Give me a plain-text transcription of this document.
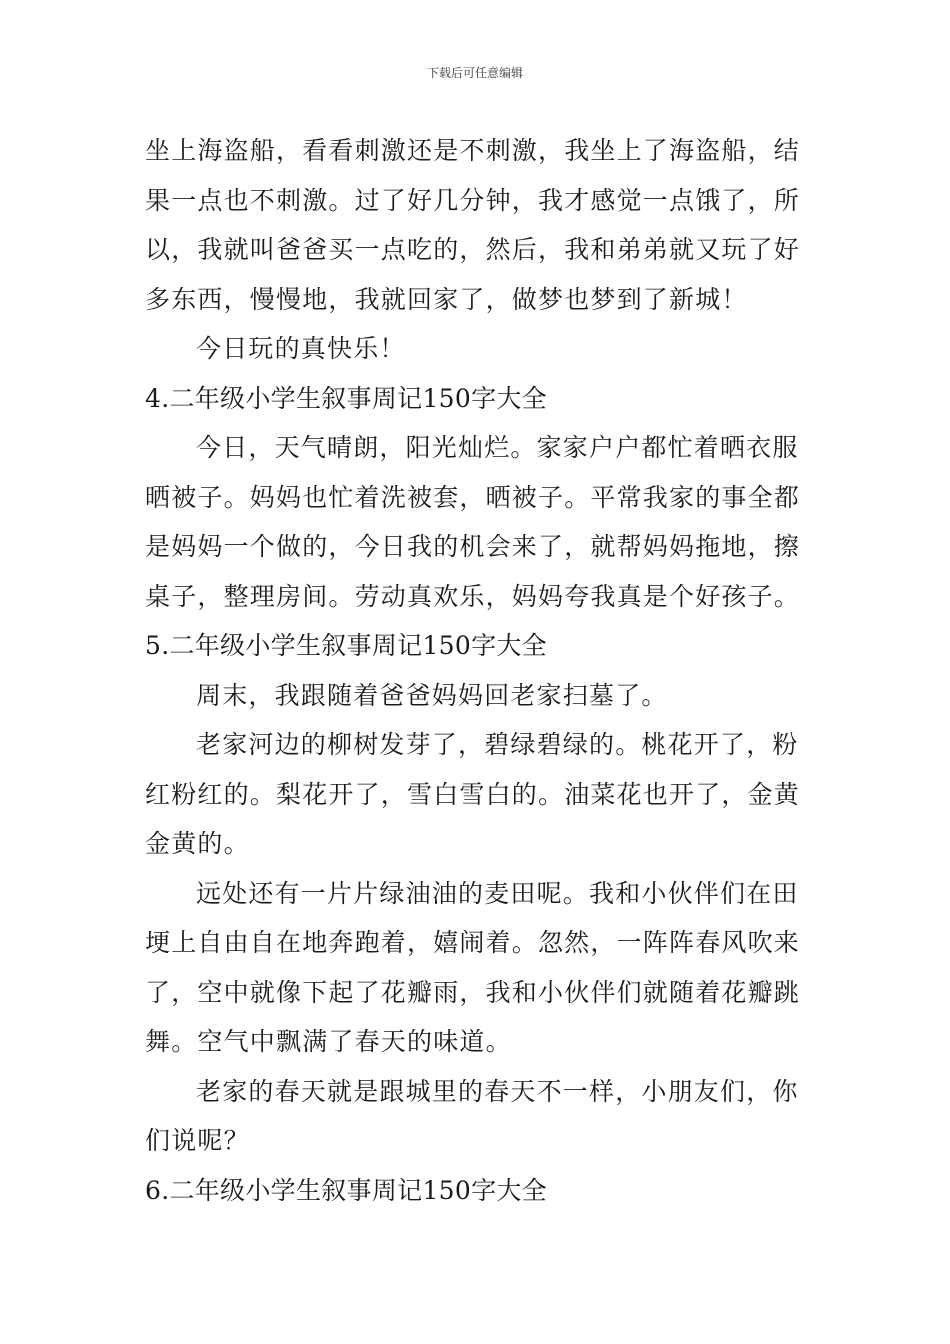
下载后可任意编辑
坐上海盗船，看看刺激还是不刺激，我坐上了海盗船，结
果一点也不刺激。过了好几分钟，我才感觉一点饿了，所
以，我就叫爸爸买一点吃的，然后，我和弟弟就又玩了好
多东西，慢慢地，我就回家了，做梦也梦到了新城！
今日玩的真快乐！
4.二年级小学生叙事周记150字大全
今日，天气晴朗，阳光灿烂。家家户户都忙着晒衣服
晒被子。妈妈也忙着洗被套，晒被子。平常我家的事全都
是妈妈一个做的，今日我的机会来了，就帮妈妈拖地，擦
桌子，整理房间。劳动真欢乐，妈妈夸我真是个好孩子。
5.二年级小学生叙事周记150字大全
周末，我跟随着爸爸妈妈回老家扫墓了。
老家河边的柳树发芽了，碧绿碧绿的。桃花开了，粉
红粉红的。梨花开了，雪白雪白的。油菜花也开了，金黄
金黄的。
远处还有一片片绿油油的麦田呢。我和小伙伴们在田
埂上自由自在地奔跑着，嬉闹着。忽然，一阵阵春风吹来
了，空中就像下起了花瓣雨，我和小伙伴们就随着花瓣跳
舞。空气中飘满了春天的味道。
老家的春天就是跟城里的春天不一样，小朋友们，你
们说呢？
6.二年级小学生叙事周记150字大全
